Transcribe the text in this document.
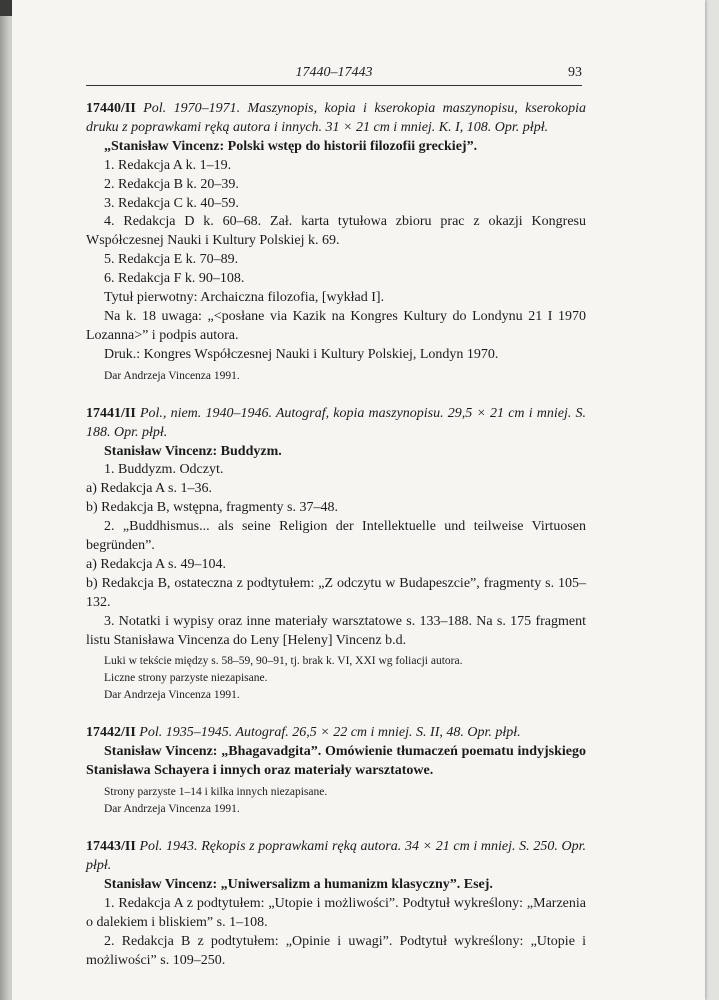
17440–17443	93

17440/II Pol. 1970–1971. Maszynopis, kopia i kserokopia maszynopisu, kserokopia druku z poprawkami ręką autora i innych. 31 × 21 cm i mniej. K. I, 108. Opr. płpł.

„Stanisław Vincenz: Polski wstęp do historii filozofii greckiej”.

1. Redakcja A k. 1–19.

2. Redakcja B k. 20–39.

3. Redakcja C k. 40–59.

4. Redakcja D k. 60–68. Zał. karta tytułowa zbioru prac z okazji Kongresu Współczesnej Nauki i Kultury Polskiej k. 69.

5. Redakcja E k. 70–89.

6. Redakcja F k. 90–108.

Tytuł pierwotny: Archaiczna filozofia, [wykład I].

Na k. 18 uwaga: „<posłane via Kazik na Kongres Kultury do Londynu 21 I 1970 Lozanna>” i podpis autora.

Druk.: Kongres Współczesnej Nauki i Kultury Polskiej, Londyn 1970.

Dar Andrzeja Vincenza 1991.

17441/II Pol., niem. 1940–1946. Autograf, kopia maszynopisu. 29,5 × 21 cm i mniej. S. 188. Opr. płpł.

Stanisław Vincenz: Buddyzm.

1. Buddyzm. Odczyt.

a) Redakcja A s. 1–36.

b) Redakcja B, wstępna, fragmenty s. 37–48.

2. „Buddhismus... als seine Religion der Intellektuelle und teilweise Virtuosen begründen”.

a) Redakcja A s. 49–104.

b) Redakcja B, ostateczna z podtytułem: „Z odczytu w Budapeszcie”, fragmenty s. 105–132.

3. Notatki i wypisy oraz inne materiały warsztatowe s. 133–188. Na s. 175 fragment listu Stanisława Vincenza do Leny [Heleny] Vincenz b.d.

Luki w tekście między s. 58–59, 90–91, tj. brak k. VI, XXI wg foliacji autora.

Liczne strony parzyste niezapisane.

Dar Andrzeja Vincenza 1991.

17442/II Pol. 1935–1945. Autograf. 26,5 × 22 cm i mniej. S. II, 48. Opr. płpł.

Stanisław Vincenz: „Bhagavadgita”. Omówienie tłumaczeń poematu indyjskiego Stanisława Schayera i innych oraz materiały warsztatowe.

Strony parzyste 1–14 i kilka innych niezapisane.

Dar Andrzeja Vincenza 1991.

17443/II Pol. 1943. Rękopis z poprawkami ręką autora. 34 × 21 cm i mniej. S. 250. Opr. płpł.

Stanisław Vincenz: „Uniwersalizm a humanizm klasyczny”. Esej.

1. Redakcja A z podtytułem: „Utopie i możliwości”. Podtytuł wykreślony: „Marzenia o dalekiem i bliskiem” s. 1–108.

2. Redakcja B z podtytułem: „Opinie i uwagi”. Podtytuł wykreślony: „Utopie i możliwości” s. 109–250.
